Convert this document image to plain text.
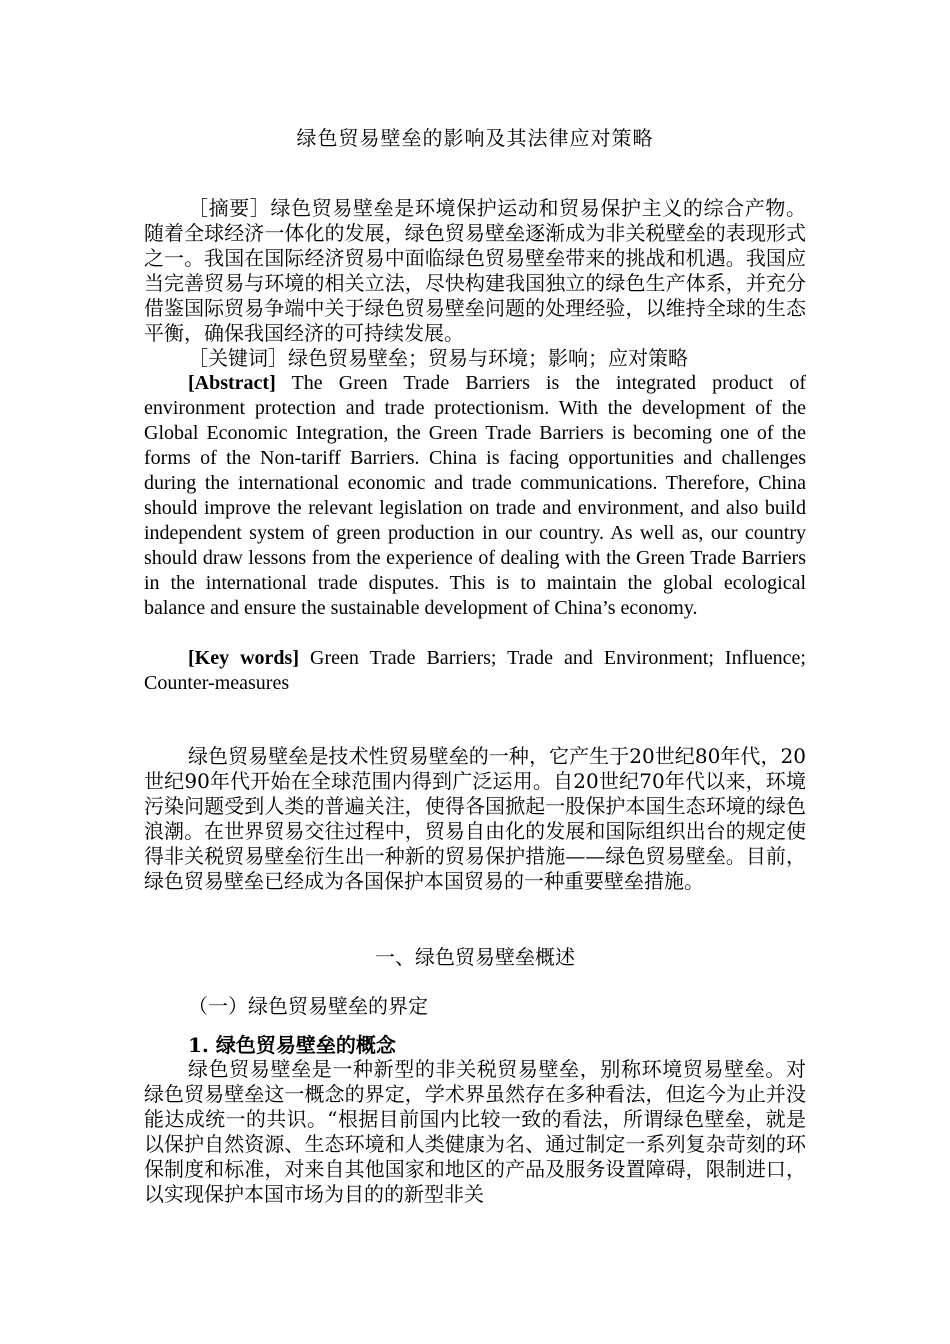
绿色贸易壁垒的影响及其法律应对策略

［摘要］绿色贸易壁垒是环境保护运动和贸易保护主义的综合产物。随着全球经济一体化的发展，绿色贸易壁垒逐渐成为非关税壁垒的表现形式之一。我国在国际经济贸易中面临绿色贸易壁垒带来的挑战和机遇。我国应当完善贸易与环境的相关立法，尽快构建我国独立的绿色生产体系，并充分借鉴国际贸易争端中关于绿色贸易壁垒问题的处理经验，以维持全球的生态平衡，确保我国经济的可持续发展。

［关键词］绿色贸易壁垒；贸易与环境；影响；应对策略

[Abstract] The Green Trade Barriers is the integrated product of environment protection and trade protectionism. With the development of the Global Economic Integration, the Green Trade Barriers is becoming one of the forms of the Non-tariff Barriers. China is facing opportunities and challenges during the international economic and trade communications. Therefore, China should improve the relevant legislation on trade and environment, and also build independent system of green production in our country. As well as, our country should draw lessons from the experience of dealing with the Green Trade Barriers in the international trade disputes. This is to maintain the global ecological balance and ensure the sustainable development of China’s economy.

[Key words] Green Trade Barriers; Trade and Environment; Influence; Counter-measures

绿色贸易壁垒是技术性贸易壁垒的一种，它产生于20世纪80年代，20世纪90年代开始在全球范围内得到广泛运用。自20世纪70年代以来，环境污染问题受到人类的普遍关注，使得各国掀起一股保护本国生态环境的绿色浪潮。在世界贸易交往过程中，贸易自由化的发展和国际组织出台的规定使得非关税贸易壁垒衍生出一种新的贸易保护措施——绿色贸易壁垒。目前，绿色贸易壁垒已经成为各国保护本国贸易的一种重要壁垒措施。

一、绿色贸易壁垒概述
（一）绿色贸易壁垒的界定
1. 绿色贸易壁垒的概念

绿色贸易壁垒是一种新型的非关税贸易壁垒，别称环境贸易壁垒。对绿色贸易壁垒这一概念的界定，学术界虽然存在多种看法，但迄今为止并没能达成统一的共识。“根据目前国内比较一致的看法，所谓绿色壁垒，就是以保护自然资源、生态环境和人类健康为名、通过制定一系列复杂苛刻的环保制度和标准，对来自其他国家和地区的产品及服务设置障碍，限制进口，以实现保护本国市场为目的的新型非关
